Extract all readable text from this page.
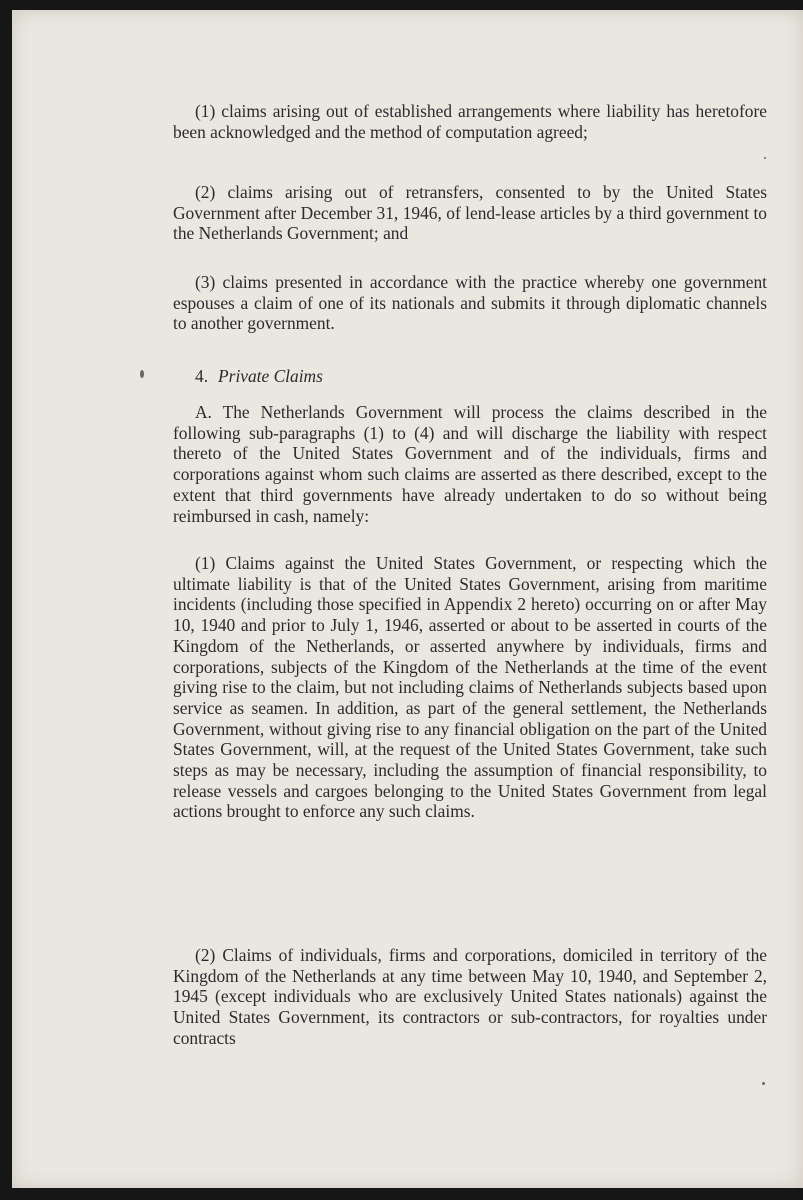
(1) claims arising out of established arrangements where liability has heretofore been acknowledged and the method of computation agreed;

(2) claims arising out of retransfers, consented to by the United States Government after December 31, 1946, of lend-lease articles by a third government to the Netherlands Government; and

(3) claims presented in accordance with the practice whereby one government espouses a claim of one of its nationals and submits it through diplomatic channels to another government.

4. Private Claims

A. The Netherlands Government will process the claims described in the following sub-paragraphs (1) to (4) and will discharge the liability with respect thereto of the United States Government and of the individuals, firms and corporations against whom such claims are asserted as there described, except to the extent that third governments have already undertaken to do so without being reimbursed in cash, namely:

(1) Claims against the United States Government, or respecting which the ultimate liability is that of the United States Government, arising from maritime incidents (including those specified in Appendix 2 hereto) occurring on or after May 10, 1940 and prior to July 1, 1946, asserted or about to be asserted in courts of the Kingdom of the Netherlands, or asserted anywhere by individuals, firms and corporations, subjects of the Kingdom of the Netherlands at the time of the event giving rise to the claim, but not including claims of Netherlands subjects based upon service as seamen. In addition, as part of the general settlement, the Netherlands Government, without giving rise to any financial obligation on the part of the United States Government, will, at the request of the United States Government, take such steps as may be necessary, including the assumption of financial responsibility, to release vessels and cargoes belonging to the United States Government from legal actions brought to enforce any such claims.

(2) Claims of individuals, firms and corporations, domiciled in territory of the Kingdom of the Netherlands at any time between May 10, 1940, and September 2, 1945 (except individuals who are exclusively United States nationals) against the United States Government, its contractors or sub-contractors, for royalties under contracts
